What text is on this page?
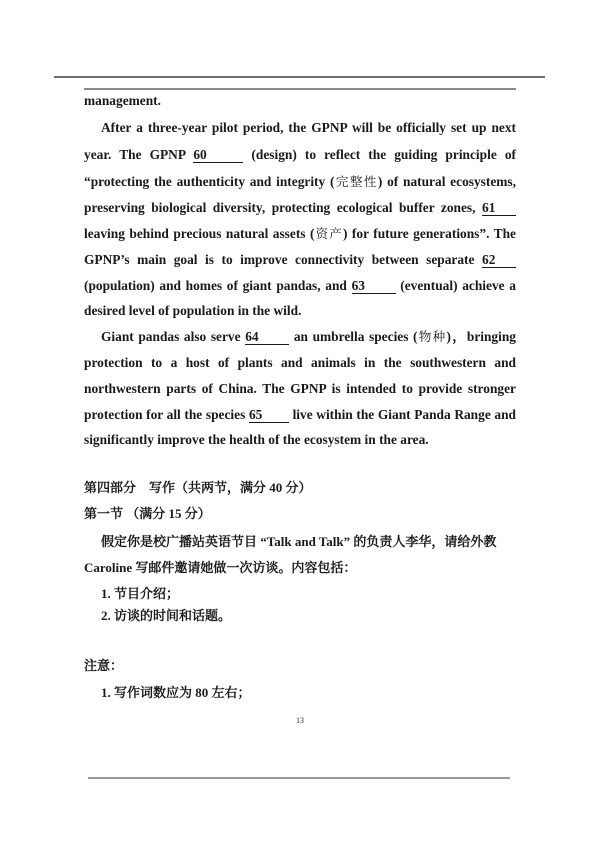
management.
After a three-year pilot period, the GPNP will be officially set up next
year. The GPNP 60	(design) to reflect the guiding principle of
“protecting the authenticity and integrity (完整性) of natural ecosystems,
preserving biological diversity, protecting ecological buffer zones, 61
leaving behind precious natural assets (资产) for future generations”. The
GPNP’s main goal is to improve connectivity between separate 62
(population) and homes of giant pandas, and 63	(eventual) achieve a
desired level of population in the wild.
Giant pandas also serve 64	an umbrella species (物种)，bringing
protection to a host of plants and animals in the southwestern and
northwestern parts of China. The GPNP is intended to provide stronger
protection for all the species 65 live within the Giant Panda Range and
significantly improve the health of the ecosystem in the area.
第四部分　写作（共两节，满分 40 分）
第一节 （满分 15 分）
假定你是校广播站英语节目 “Talk and Talk” 的负责人李华，请给外教
Caroline 写邮件邀请她做一次访谈。内容包括：
1. 节目介绍；
2. 访谈的时间和话题。
注意：
1. 写作词数应为 80 左右；
13
